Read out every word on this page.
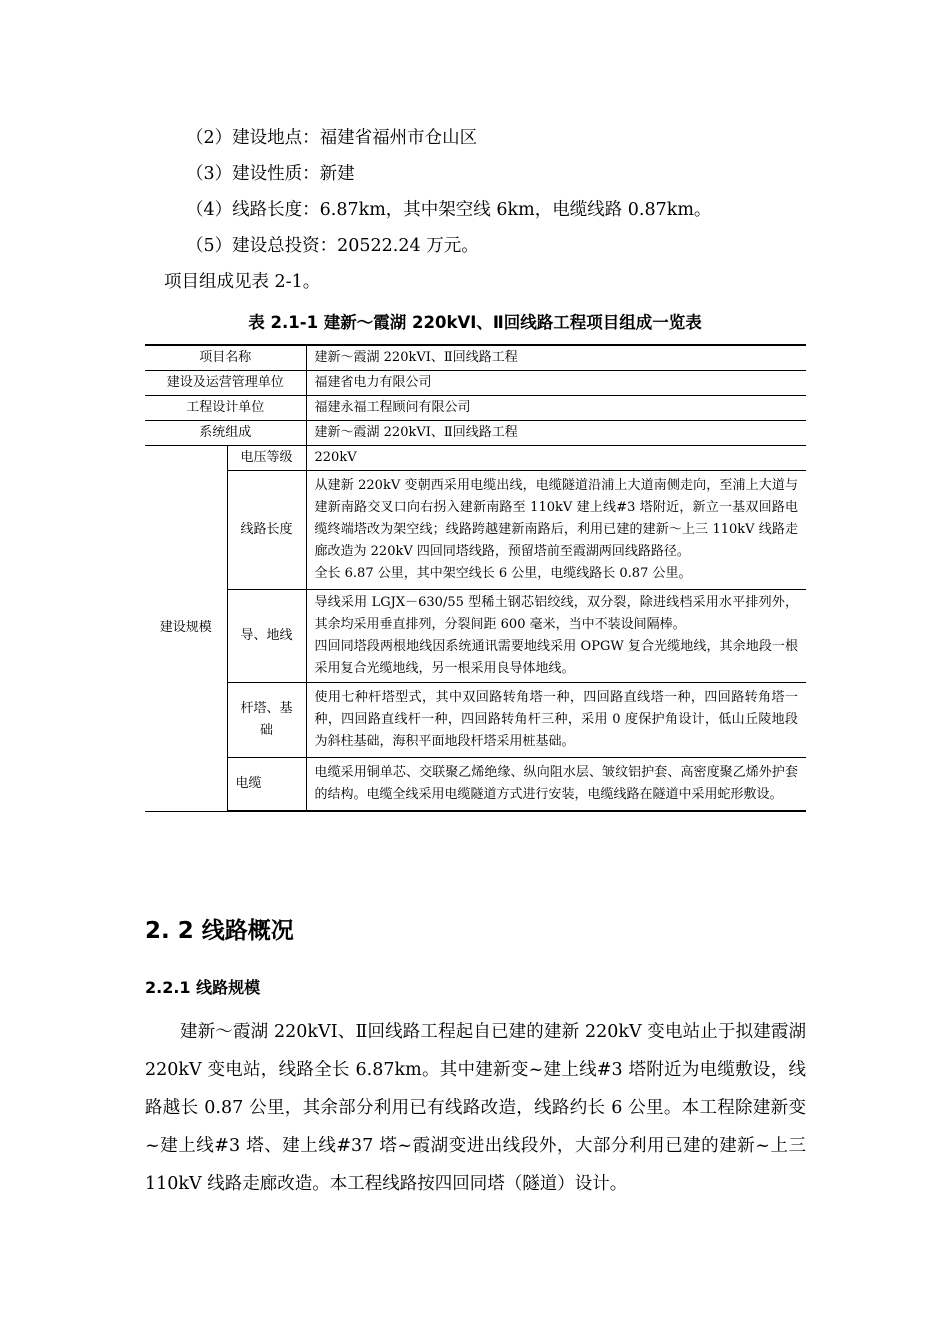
（2）建设地点：福建省福州市仓山区
（3）建设性质：新建
（4）线路长度：6.87km，其中架空线 6km，电缆线路 0.87km。
（5）建设总投资：20522.24 万元。
项目组成见表 2-1。
表 2.1-1 建新～霞湖 220kVⅠ、Ⅱ回线路工程项目组成一览表
项目名称		建新～霞湖 220kVⅠ、Ⅱ回线路工程
建设及运营管理单位		福建省电力有限公司
工程设计单位		福建永福工程顾问有限公司
系统组成		建新～霞湖 220kVⅠ、Ⅱ回线路工程
建设规模	电压等级	220kV
	线路长度	从建新 220kV 变朝西采用电缆出线，电缆隧道沿浦上大道南侧走向，至浦上大道与建新南路交叉口向右拐入建新南路至 110kV 建上线#3 塔附近，新立一基双回路电缆终端塔改为架空线；线路跨越建新南路后，利用已建的建新～上三 110kV 线路走廊改造为 220kV 四回同塔线路，预留塔前至霞湖两回线路路径。
全长 6.87 公里，其中架空线长 6 公里，电缆线路长 0.87 公里。

	导、地线	导线采用 LGJX－630/55 型稀土钢芯铝绞线，双分裂，除进线档采用水平排列外，其余均采用垂直排列，分裂间距 600 毫米，当中不装设间隔棒。
四回同塔段两根地线因系统通讯需要地线采用 OPGW 复合光缆地线，其余地段一根采用复合光缆地线，另一根采用良导体地线。

	杆塔、基础	使用七种杆塔型式，其中双回路转角塔一种，四回路直线塔一种，四回路转角塔一种，四回路直线杆一种，四回路转角杆三种，采用 0 度保护角设计，低山丘陵地段为斜柱基础，海积平面地段杆塔采用桩基础。
	电缆	电缆采用铜单芯、交联聚乙烯绝缘、纵向阻水层、皱纹铝护套、高密度聚乙烯外护套的结构。电缆全线采用电缆隧道方式进行安装，电缆线路在隧道中采用蛇形敷设。
2. 2 线路概况
2.2.1 线路规模
建新～霞湖 220kVⅠ、Ⅱ回线路工程起自已建的建新 220kV 变电站止于拟建霞湖 220kV 变电站，线路全长 6.87km。其中建新变~建上线#3 塔附近为电缆敷设，线路越长 0.87 公里，其余部分利用已有线路改造，线路约长 6 公里。本工程除建新变~建上线#3 塔、建上线#37 塔~霞湖变进出线段外，大部分利用已建的建新~上三 110kV 线路走廊改造。本工程线路按四回同塔（隧道）设计。
